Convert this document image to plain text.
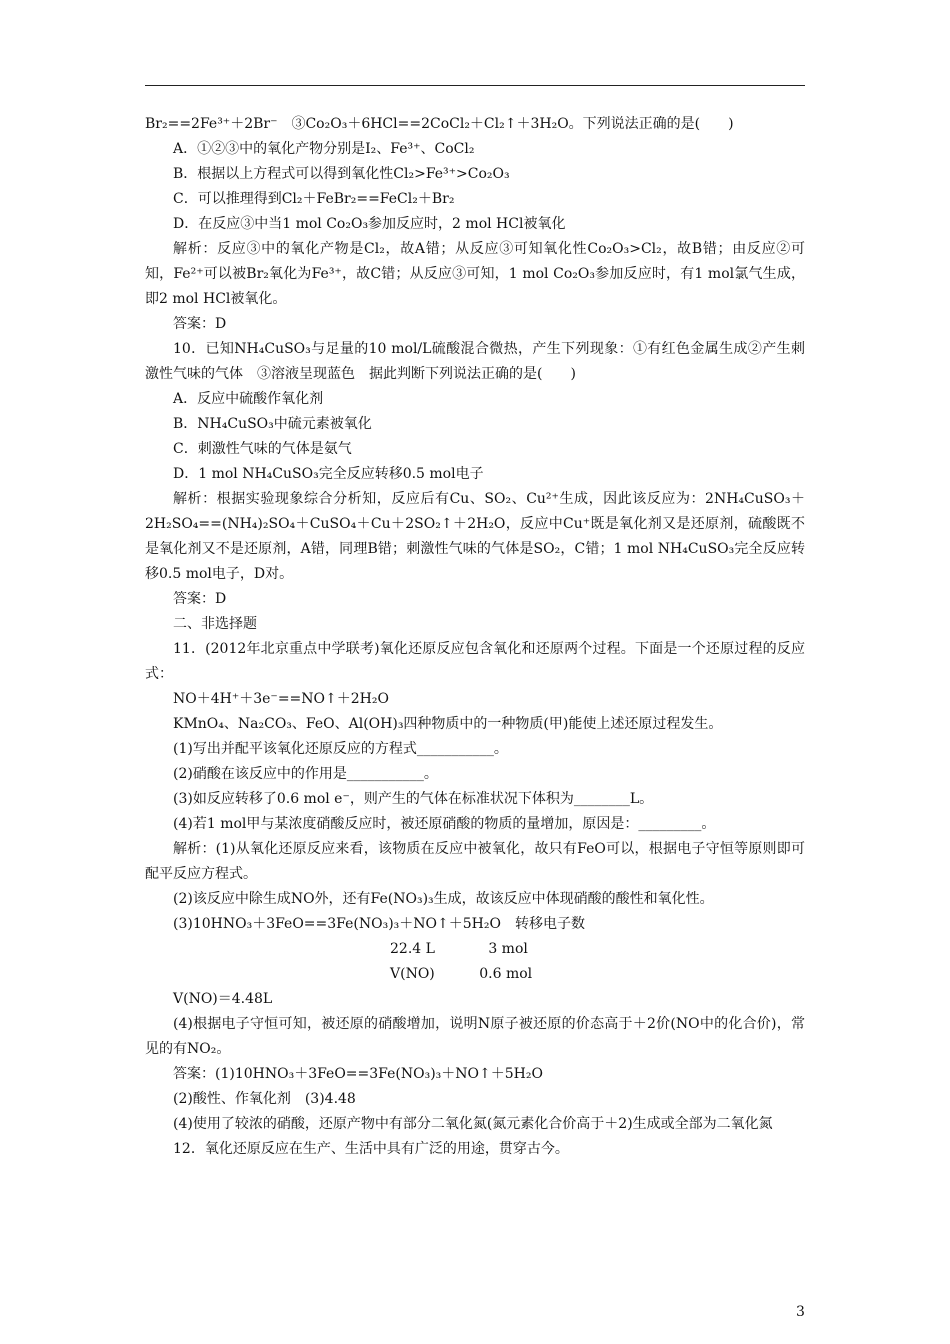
Br₂==2Fe³⁺＋2Br⁻　③Co₂O₃＋6HCl==2CoCl₂＋Cl₂↑＋3H₂O。下列说法正确的是(　　)

A．①②③中的氧化产物分别是I₂、Fe³⁺、CoCl₂

B．根据以上方程式可以得到氧化性Cl₂>Fe³⁺>Co₂O₃

C．可以推理得到Cl₂＋FeBr₂==FeCl₂＋Br₂

D．在反应③中当1 mol Co₂O₃参加反应时，2 mol HCl被氧化

解析：反应③中的氧化产物是Cl₂，故A错；从反应③可知氧化性Co₂O₃>Cl₂，故B错；由反应②可知，Fe²⁺可以被Br₂氧化为Fe³⁺，故C错；从反应③可知，1 mol Co₂O₃参加反应时，有1 mol氯气生成，即2 mol HCl被氧化。

答案：D

10．已知NH₄CuSO₃与足量的10 mol/L硫酸混合微热，产生下列现象：①有红色金属生成②产生刺激性气味的气体　③溶液呈现蓝色　据此判断下列说法正确的是(　　)

A．反应中硫酸作氧化剂

B．NH₄CuSO₃中硫元素被氧化

C．刺激性气味的气体是氨气

D．1 mol NH₄CuSO₃完全反应转移0.5 mol电子

解析：根据实验现象综合分析知，反应后有Cu、SO₂、Cu²⁺生成，因此该反应为：2NH₄CuSO₃＋2H₂SO₄==(NH₄)₂SO₄＋CuSO₄＋Cu＋2SO₂↑＋2H₂O，反应中Cu⁺既是氧化剂又是还原剂，硫酸既不是氧化剂又不是还原剂，A错，同理B错；刺激性气味的气体是SO₂，C错；1 mol NH₄CuSO₃完全反应转移0.5 mol电子，D对。

答案：D

二、非选择题

11．(2012年北京重点中学联考)氧化还原反应包含氧化和还原两个过程。下面是一个还原过程的反应式：

NO＋4H⁺＋3e⁻==NO↑＋2H₂O

KMnO₄、Na₂CO₃、FeO、Al(OH)₃四种物质中的一种物质(甲)能使上述还原过程发生。

(1)写出并配平该氧化还原反应的方程式___________。

(2)硝酸在该反应中的作用是___________。

(3)如反应转移了0.6 mol e⁻，则产生的气体在标准状况下体积为________L。

(4)若1 mol甲与某浓度硝酸反应时，被还原硝酸的物质的量增加，原因是：_________。

解析：(1)从氧化还原反应来看，该物质在反应中被氧化，故只有FeO可以，根据电子守恒等原则即可配平反应方程式。

(2)该反应中除生成NO外，还有Fe(NO₃)₃生成，故该反应中体现硝酸的酸性和氧化性。

(3)10HNO₃＋3FeO==3Fe(NO₃)₃＋NO↑＋5H₂O　转移电子数

22.4 L            3 mol

V(NO)          0.6 mol

V(NO)＝4.48L

(4)根据电子守恒可知，被还原的硝酸增加，说明N原子被还原的价态高于＋2价(NO中的化合价)，常见的有NO₂。

答案：(1)10HNO₃＋3FeO==3Fe(NO₃)₃＋NO↑＋5H₂O

(2)酸性、作氧化剂　(3)4.48

(4)使用了较浓的硝酸，还原产物中有部分二氧化氮(氮元素化合价高于＋2)生成或全部为二氧化氮

12．氧化还原反应在生产、生活中具有广泛的用途，贯穿古今。

3
